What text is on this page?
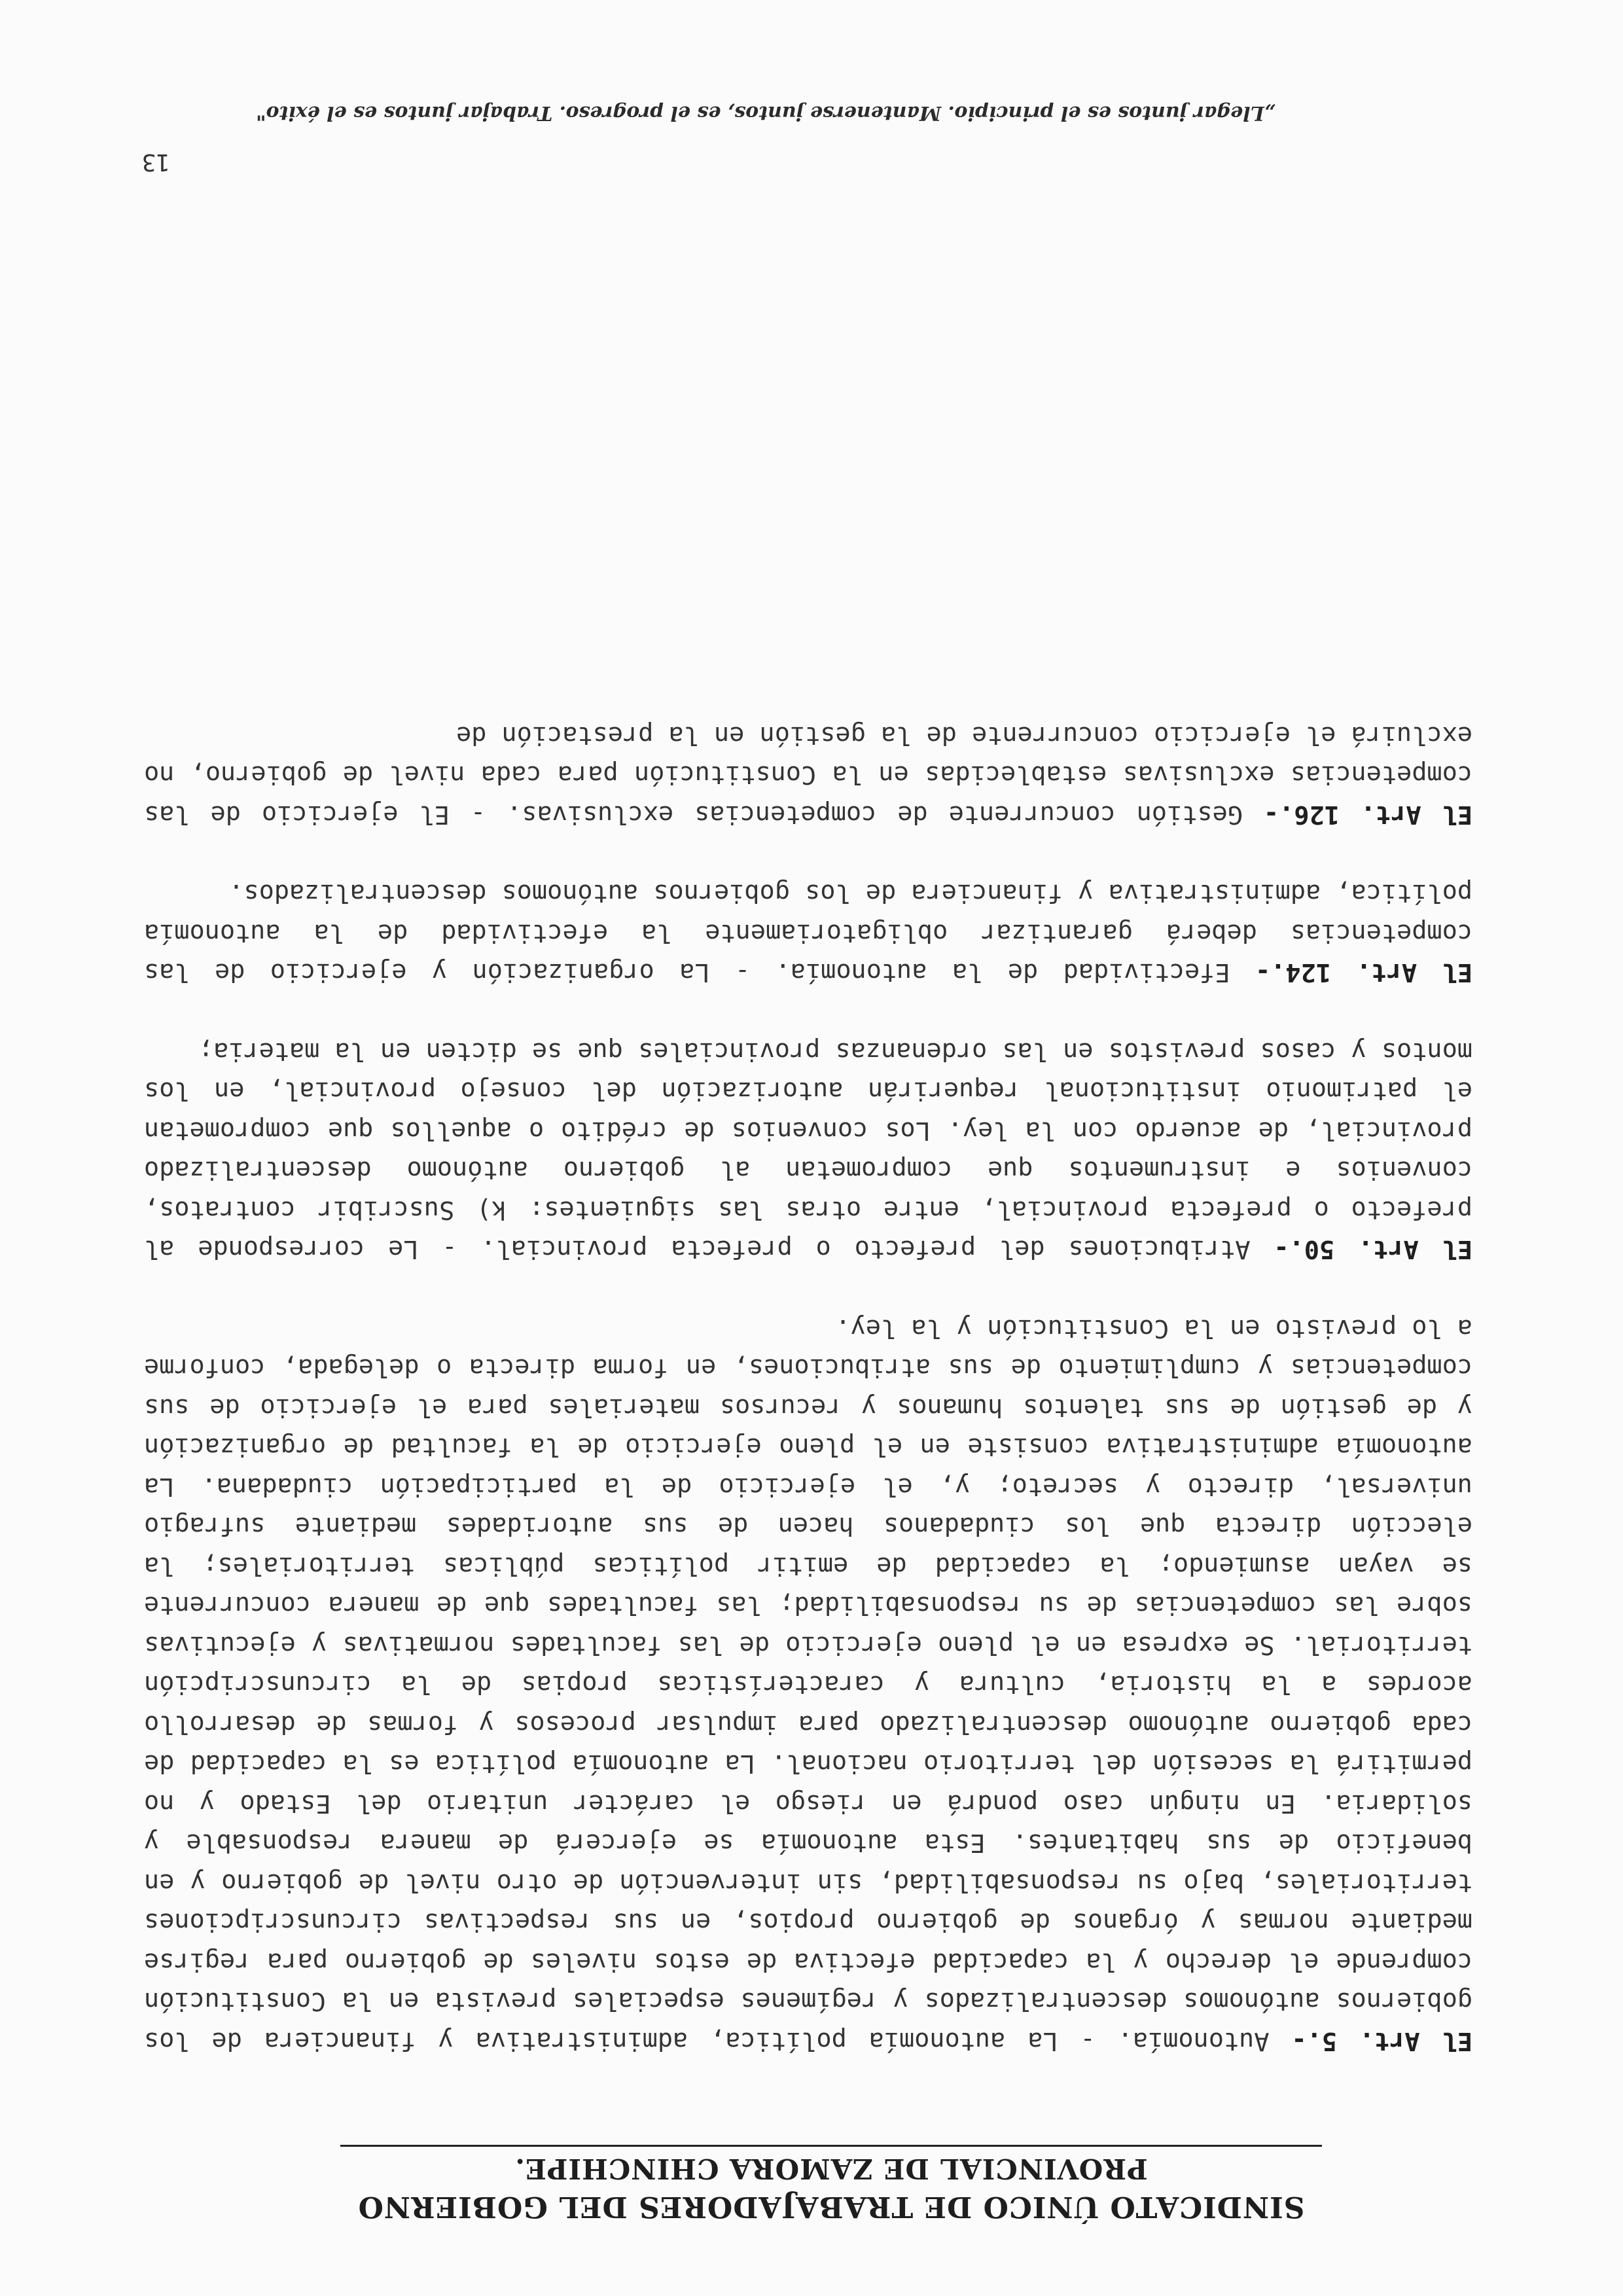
SINDICATO ÚNICO DE TRABAJADORES DEL GOBIERNO
PROVINCIAL DE ZAMORA CHINCHIPE.

El Art. 5.- Autonomía. - La autonomía política, administrativa y financiera de los gobiernos autónomos descentralizados y regímenes especiales prevista en la Constitución comprende el derecho y la capacidad efectiva de estos niveles de gobierno para regirse mediante normas y órganos de gobierno propios, en sus respectivas circunscripciones territoriales, bajo su responsabilidad, sin intervención de otro nivel de gobierno y en beneficio de sus habitantes. Esta autonomía se ejercerá de manera responsable y solidaria. En ningún caso pondrá en riesgo el carácter unitario del Estado y no permitirá la secesión del territorio nacional. La autonomía política es la capacidad de cada gobierno autónomo descentralizado para impulsar procesos y formas de desarrollo acordes a la historia, cultura y características propias de la circunscripción territorial. Se expresa en el pleno ejercicio de las facultades normativas y ejecutivas sobre las competencias de su responsabilidad; las facultades que de manera concurrente se vayan asumiendo; la capacidad de emitir políticas públicas territoriales; la elección directa que los ciudadanos hacen de sus autoridades mediante sufragio universal, directo y secreto; y, el ejercicio de la participación ciudadana. La autonomía administrativa consiste en el pleno ejercicio de la facultad de organización y de gestión de sus talentos humanos y recursos materiales para el ejercicio de sus competencias y cumplimiento de sus atribuciones, en forma directa o delegada, conforme a lo previsto en la Constitución y la ley.

El Art. 50.- Atribuciones del prefecto o prefecta provincial. - Le corresponde al prefecto o prefecta provincial, entre otras las siguientes: k) Suscribir contratos, convenios e instrumentos que comprometan al gobierno autónomo descentralizado provincial, de acuerdo con la ley. Los convenios de crédito o aquellos que comprometan el patrimonio institucional requerirán autorización del consejo provincial, en los montos y casos previstos en las ordenanzas provinciales que se dicten en la materia;

El Art. 124.- Efectividad de la autonomía. - La organización y ejercicio de las competencias deberá garantizar obligatoriamente la efectividad de la autonomía política, administrativa y financiera de los gobiernos autónomos descentralizados.

El Art. 126.- Gestión concurrente de competencias exclusivas. - El ejercicio de las competencias exclusivas establecidas en la Constitución para cada nivel de gobierno, no excluirá el ejercicio concurrente de la gestión en la prestación de

13
„Llegar juntos es el principio. Mantenerse juntos, es el progreso. Trabajar juntos es el éxito"
